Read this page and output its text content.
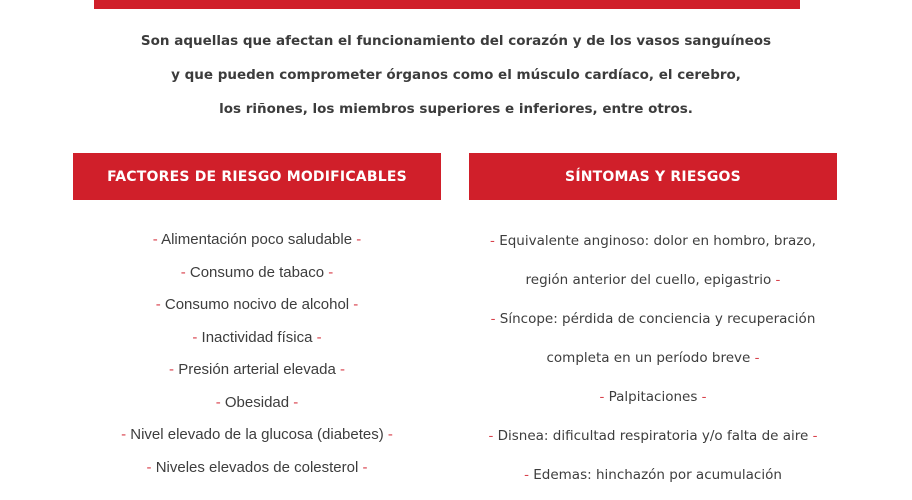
Son aquellas que afectan el funcionamiento del corazón y de los vasos sanguíneos
y que pueden comprometer órganos como el músculo cardíaco, el cerebro,
los riñones, los miembros superiores e inferiores, entre otros.
FACTORES DE RIESGO MODIFICABLES	SÍNTOMAS Y RIESGOS
- Alimentación poco saludable -
- Consumo de tabaco -
- Consumo nocivo de alcohol -
- Inactividad física -
- Presión arterial elevada -
- Obesidad -
- Nivel elevado de la glucosa (diabetes) -
- Niveles elevados de colesterol -
- Equivalente anginoso: dolor en hombro, brazo,
región anterior del cuello, epigastrio -
- Síncope: pérdida de conciencia y recuperación
completa en un período breve -
- Palpitaciones -
- Disnea: dificultad respiratoria y/o falta de aire -
- Edemas: hinchazón por acumulación
